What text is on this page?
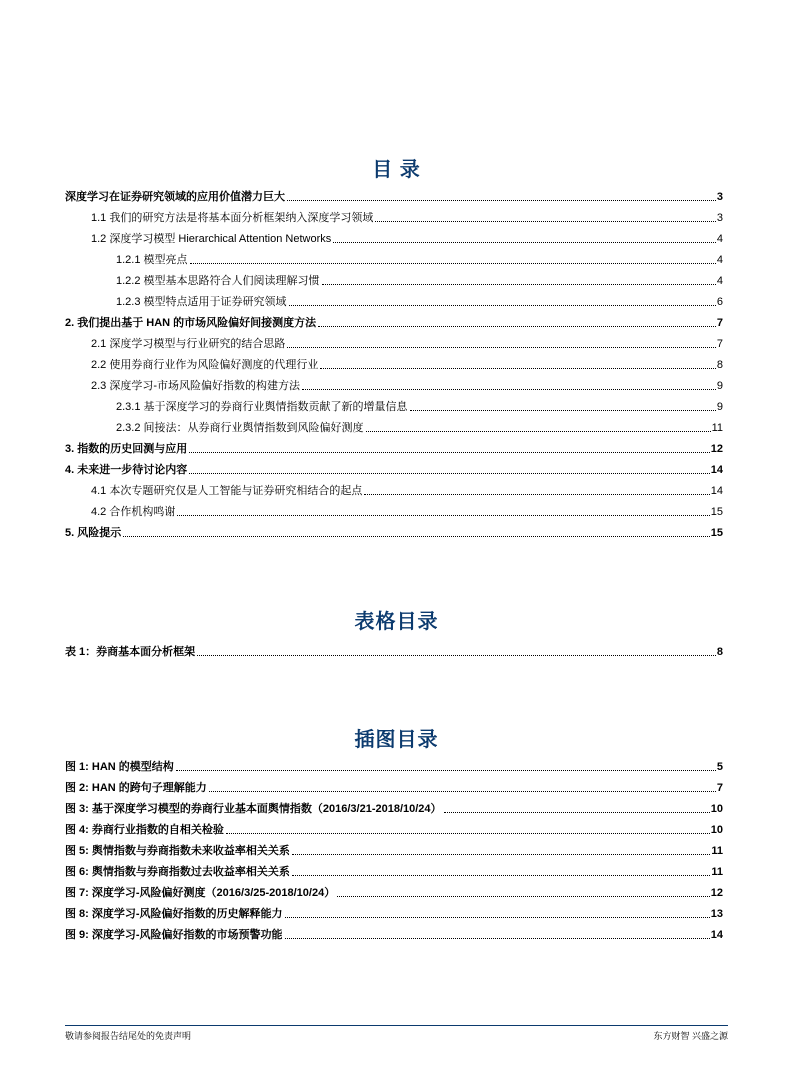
目 录
深度学习在证券研究领域的应用价值潜力巨大	3
1.1 我们的研究方法是将基本面分析框架纳入深度学习领域	3
1.2 深度学习模型 Hierarchical Attention Networks	4
1.2.1 模型亮点	4
1.2.2 模型基本思路符合人们阅读理解习惯	4
1.2.3 模型特点适用于证券研究领域	6
2. 我们提出基于 HAN 的市场风险偏好间接测度方法	7
2.1 深度学习模型与行业研究的结合思路	7
2.2 使用券商行业作为风险偏好测度的代理行业	8
2.3 深度学习-市场风险偏好指数的构建方法	9
2.3.1 基于深度学习的券商行业舆情指数贡献了新的增量信息	9
2.3.2 间接法：从券商行业舆情指数到风险偏好测度	11
3. 指数的历史回测与应用	12
4. 未来进一步待讨论内容	14
4.1 本次专题研究仅是人工智能与证券研究相结合的起点	14
4.2 合作机构鸣谢	15
5. 风险提示	15
表格目录
表 1：券商基本面分析框架	8
插图目录
图 1: HAN 的模型结构	5
图 2: HAN 的跨句子理解能力	7
图 3: 基于深度学习模型的券商行业基本面舆情指数（2016/3/21-2018/10/24）	10
图 4: 券商行业指数的自相关检验	10
图 5: 舆情指数与券商指数未来收益率相关关系	11
图 6: 舆情指数与券商指数过去收益率相关关系	11
图 7: 深度学习-风险偏好测度（2016/3/25-2018/10/24）	12
图 8: 深度学习-风险偏好指数的历史解释能力	13
图 9: 深度学习-风险偏好指数的市场预警功能	14
敬请参阅报告结尾处的免责声明	东方财智 兴盛之源
